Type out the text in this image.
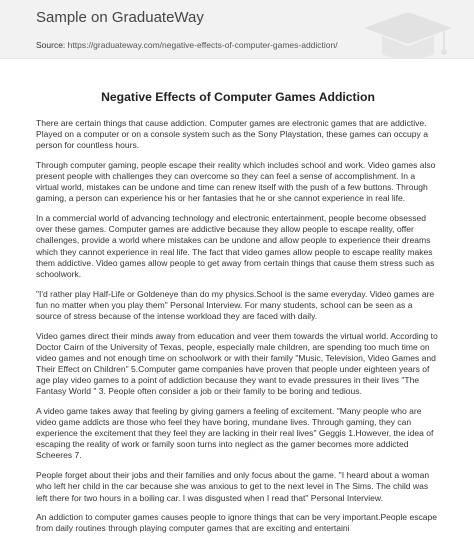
Sample on GraduateWay
Source: https://graduateway.com/negative-effects-of-computer-games-addiction/
Negative Effects of Computer Games Addiction

There are certain things that cause addiction. Computer games are electronic games that are addictive. Played on a computer or on a console system such as the Sony Playstation, these games can occupy a person for countless hours.

Through computer gaming, people escape their reality which includes school and work. Video games also present people with challenges they can overcome so they can feel a sense of accomplishment. In a virtual world, mistakes can be undone and time can renew itself with the push of a few buttons. Through gaming, a person can experience his or her fantasies that he or she cannot experience in real life.

In a commercial world of advancing technology and electronic entertainment, people become obsessed over these games. Computer games are addictive because they allow people to escape reality, offer challenges, provide a world where mistakes can be undone and allow people to experience their dreams which they cannot experience in real life. The fact that video games allow people to escape reality makes them addictive. Video games allow people to get away from certain things that cause them stress such as schoolwork.

"I'd rather play Half-Life or Goldeneye than do my physics.School is the same everyday. Video games are fun no matter when you play them" Personal Interview. For many students, school can be seen as a source of stress because of the intense workload they are faced with daily.

Video games direct their minds away from education and veer them towards the virtual world. According to Doctor Cairn of the University of Texas, people, especially male children, are spending too much time on video games and not enough time on schoolwork or with their family "Music, Television, Video Games and Their Effect on Children" 5.Computer game companies have proven that people under eighteen years of age play video games to a point of addiction because they want to evade pressures in their lives "The Fantasy World " 3. People often consider a job or their family to be boring and tedious.

A video game takes away that feeling by giving gamers a feeling of excitement. "Many people who are video game addicts are those who feel they have boring, mundane lives. Through gaming, they can experience the excitement that they feel they are lacking in their real lives" Geggis 1.However, the idea of escaping the reality of work or family soon turns into neglect as the gamer becomes more addicted Scheeres 7.

People forget about their jobs and their families and only focus about the game. "I heard about a woman who left her child in the car because she was anxious to get to the next level in The Sims. The child was left there for two hours in a boiling car. I was disgusted when I read that" Personal Interview.

An addiction to computer games causes people to ignore things that can be very important.People escape from daily routines through playing computer games that are exciting and entertaini
